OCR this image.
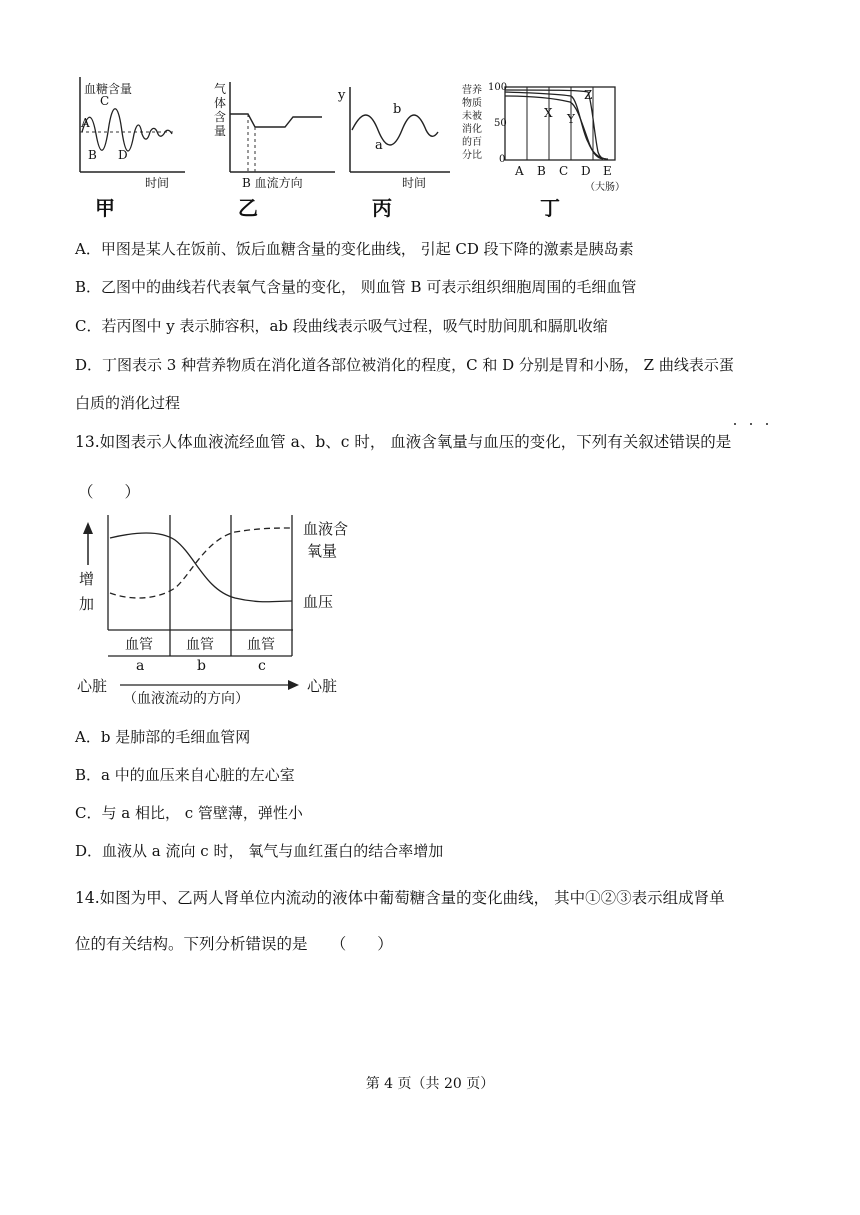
血糖含量
A
B
C
D
时间
甲
气体含量
B 血流方向
乙
y
b
a
时间
丙
营养物质未被消化的百分比
100
50
0
X Y
Z
A B C D E
（大肠）
丁
A．甲图是某人在饭前、饭后血糖含量的变化曲线， 引起 CD 段下降的激素是胰岛素
B．乙图中的曲线若代表氧气含量的变化， 则血管 B 可表示组织细胞周围的毛细血管
C．若丙图中 y 表示肺容积，ab 段曲线表示吸气过程，吸气时肋间肌和膈肌收缩
D．丁图表示 3 种营养物质在消化道各部位被消化的程度，C 和 D 分别是胃和小肠， Z 曲线表示蛋
白质的消化过程
13.如图表示人体血液流经血管 a、b、c 时， 血液含氧量与血压的变化，下列有关叙述错误的是
（　　）
增
加
血液含
氧量
血压
血管 血管 血管
a	b	c
心脏	心脏
（血液流动的方向）
A．b 是肺部的毛细血管网
B．a 中的血压来自心脏的左心室
C．与 a 相比， c 管壁薄，弹性小
D．血液从 a 流向 c 时， 氧气与血红蛋白的结合率增加
14.如图为甲、乙两人肾单位内流动的液体中葡萄糖含量的变化曲线， 其中①②③表示组成肾单
位的有关结构。下列分析错误的是　　（　　）
第 4 页（共 20 页）
